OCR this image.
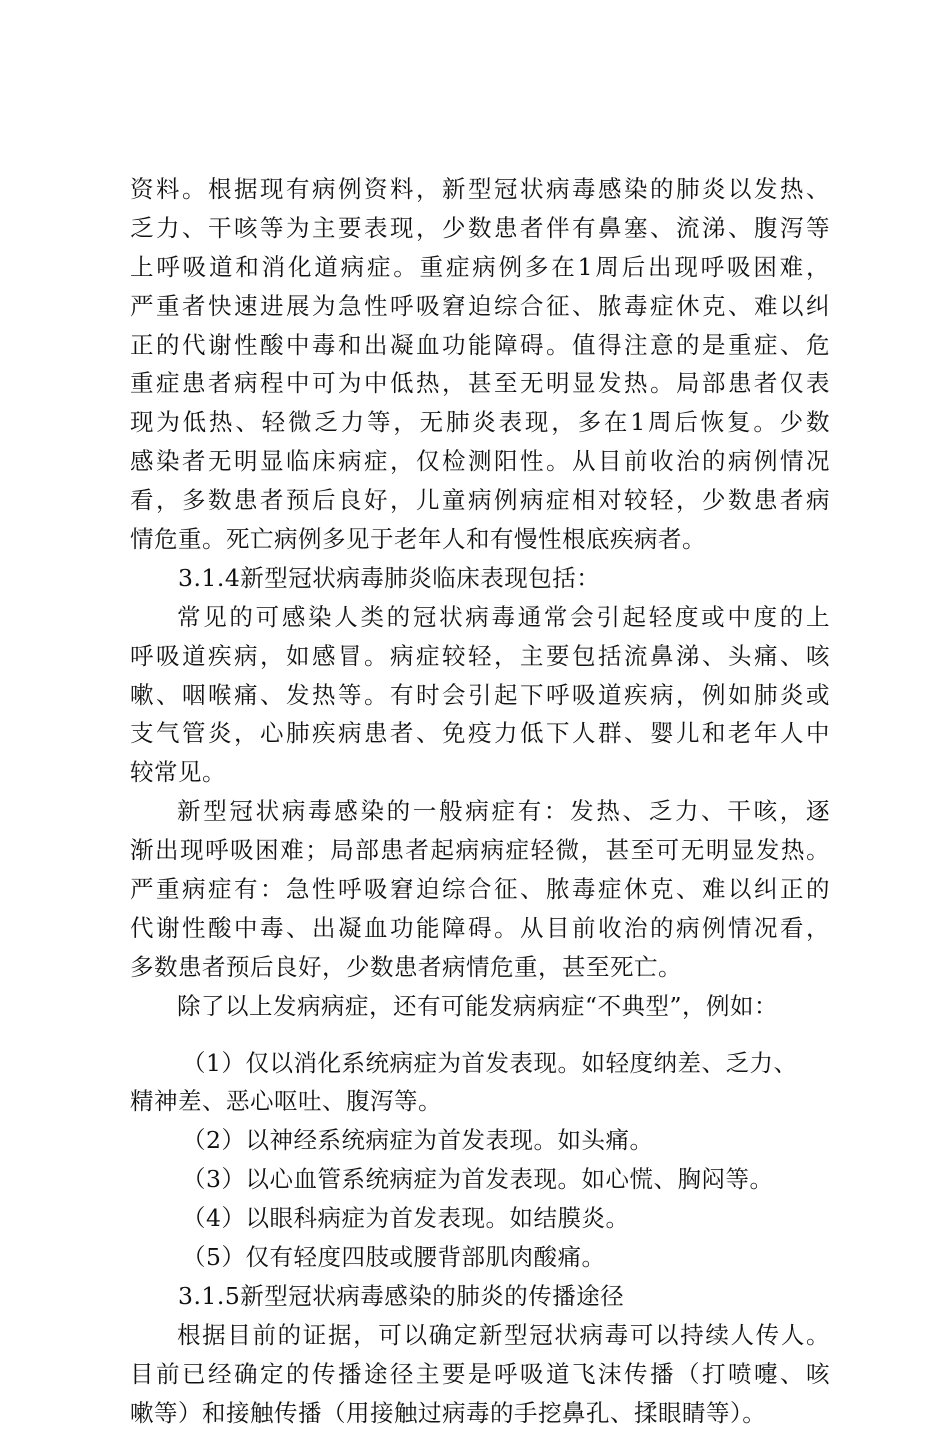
资料。根据现有病例资料，新型冠状病毒感染的肺炎以发热、
乏力、干咳等为主要表现，少数患者伴有鼻塞、流涕、腹泻等
上呼吸道和消化道病症。重症病例多在1周后出现呼吸困难，
严重者快速进展为急性呼吸窘迫综合征、脓毒症休克、难以纠
正的代谢性酸中毒和出凝血功能障碍。值得注意的是重症、危
重症患者病程中可为中低热，甚至无明显发热。局部患者仅表
现为低热、轻微乏力等，无肺炎表现，多在1周后恢复。少数
感染者无明显临床病症，仅检测阳性。从目前收治的病例情况
看，多数患者预后良好，儿童病例病症相对较轻，少数患者病
情危重。死亡病例多见于老年人和有慢性根底疾病者。
3.1.4新型冠状病毒肺炎临床表现包括：
常见的可感染人类的冠状病毒通常会引起轻度或中度的上
呼吸道疾病，如感冒。病症较轻，主要包括流鼻涕、头痛、咳
嗽、咽喉痛、发热等。有时会引起下呼吸道疾病，例如肺炎或
支气管炎，心肺疾病患者、免疫力低下人群、婴儿和老年人中
较常见。
新型冠状病毒感染的一般病症有：发热、乏力、干咳，逐
渐出现呼吸困难；局部患者起病病症轻微，甚至可无明显发热。
严重病症有：急性呼吸窘迫综合征、脓毒症休克、难以纠正的
代谢性酸中毒、出凝血功能障碍。从目前收治的病例情况看，
多数患者预后良好，少数患者病情危重，甚至死亡。
除了以上发病病症，还有可能发病病症“不典型”，例如：
（1）仅以消化系统病症为首发表现。如轻度纳差、乏力、
精神差、恶心呕吐、腹泻等。
（2）以神经系统病症为首发表现。如头痛。
（3）以心血管系统病症为首发表现。如心慌、胸闷等。
（4）以眼科病症为首发表现。如结膜炎。
（5）仅有轻度四肢或腰背部肌肉酸痛。
3.1.5新型冠状病毒感染的肺炎的传播途径
根据目前的证据，可以确定新型冠状病毒可以持续人传人。
目前已经确定的传播途径主要是呼吸道飞沫传播（打喷嚏、咳
嗽等）和接触传播（用接触过病毒的手挖鼻孔、揉眼睛等）。
